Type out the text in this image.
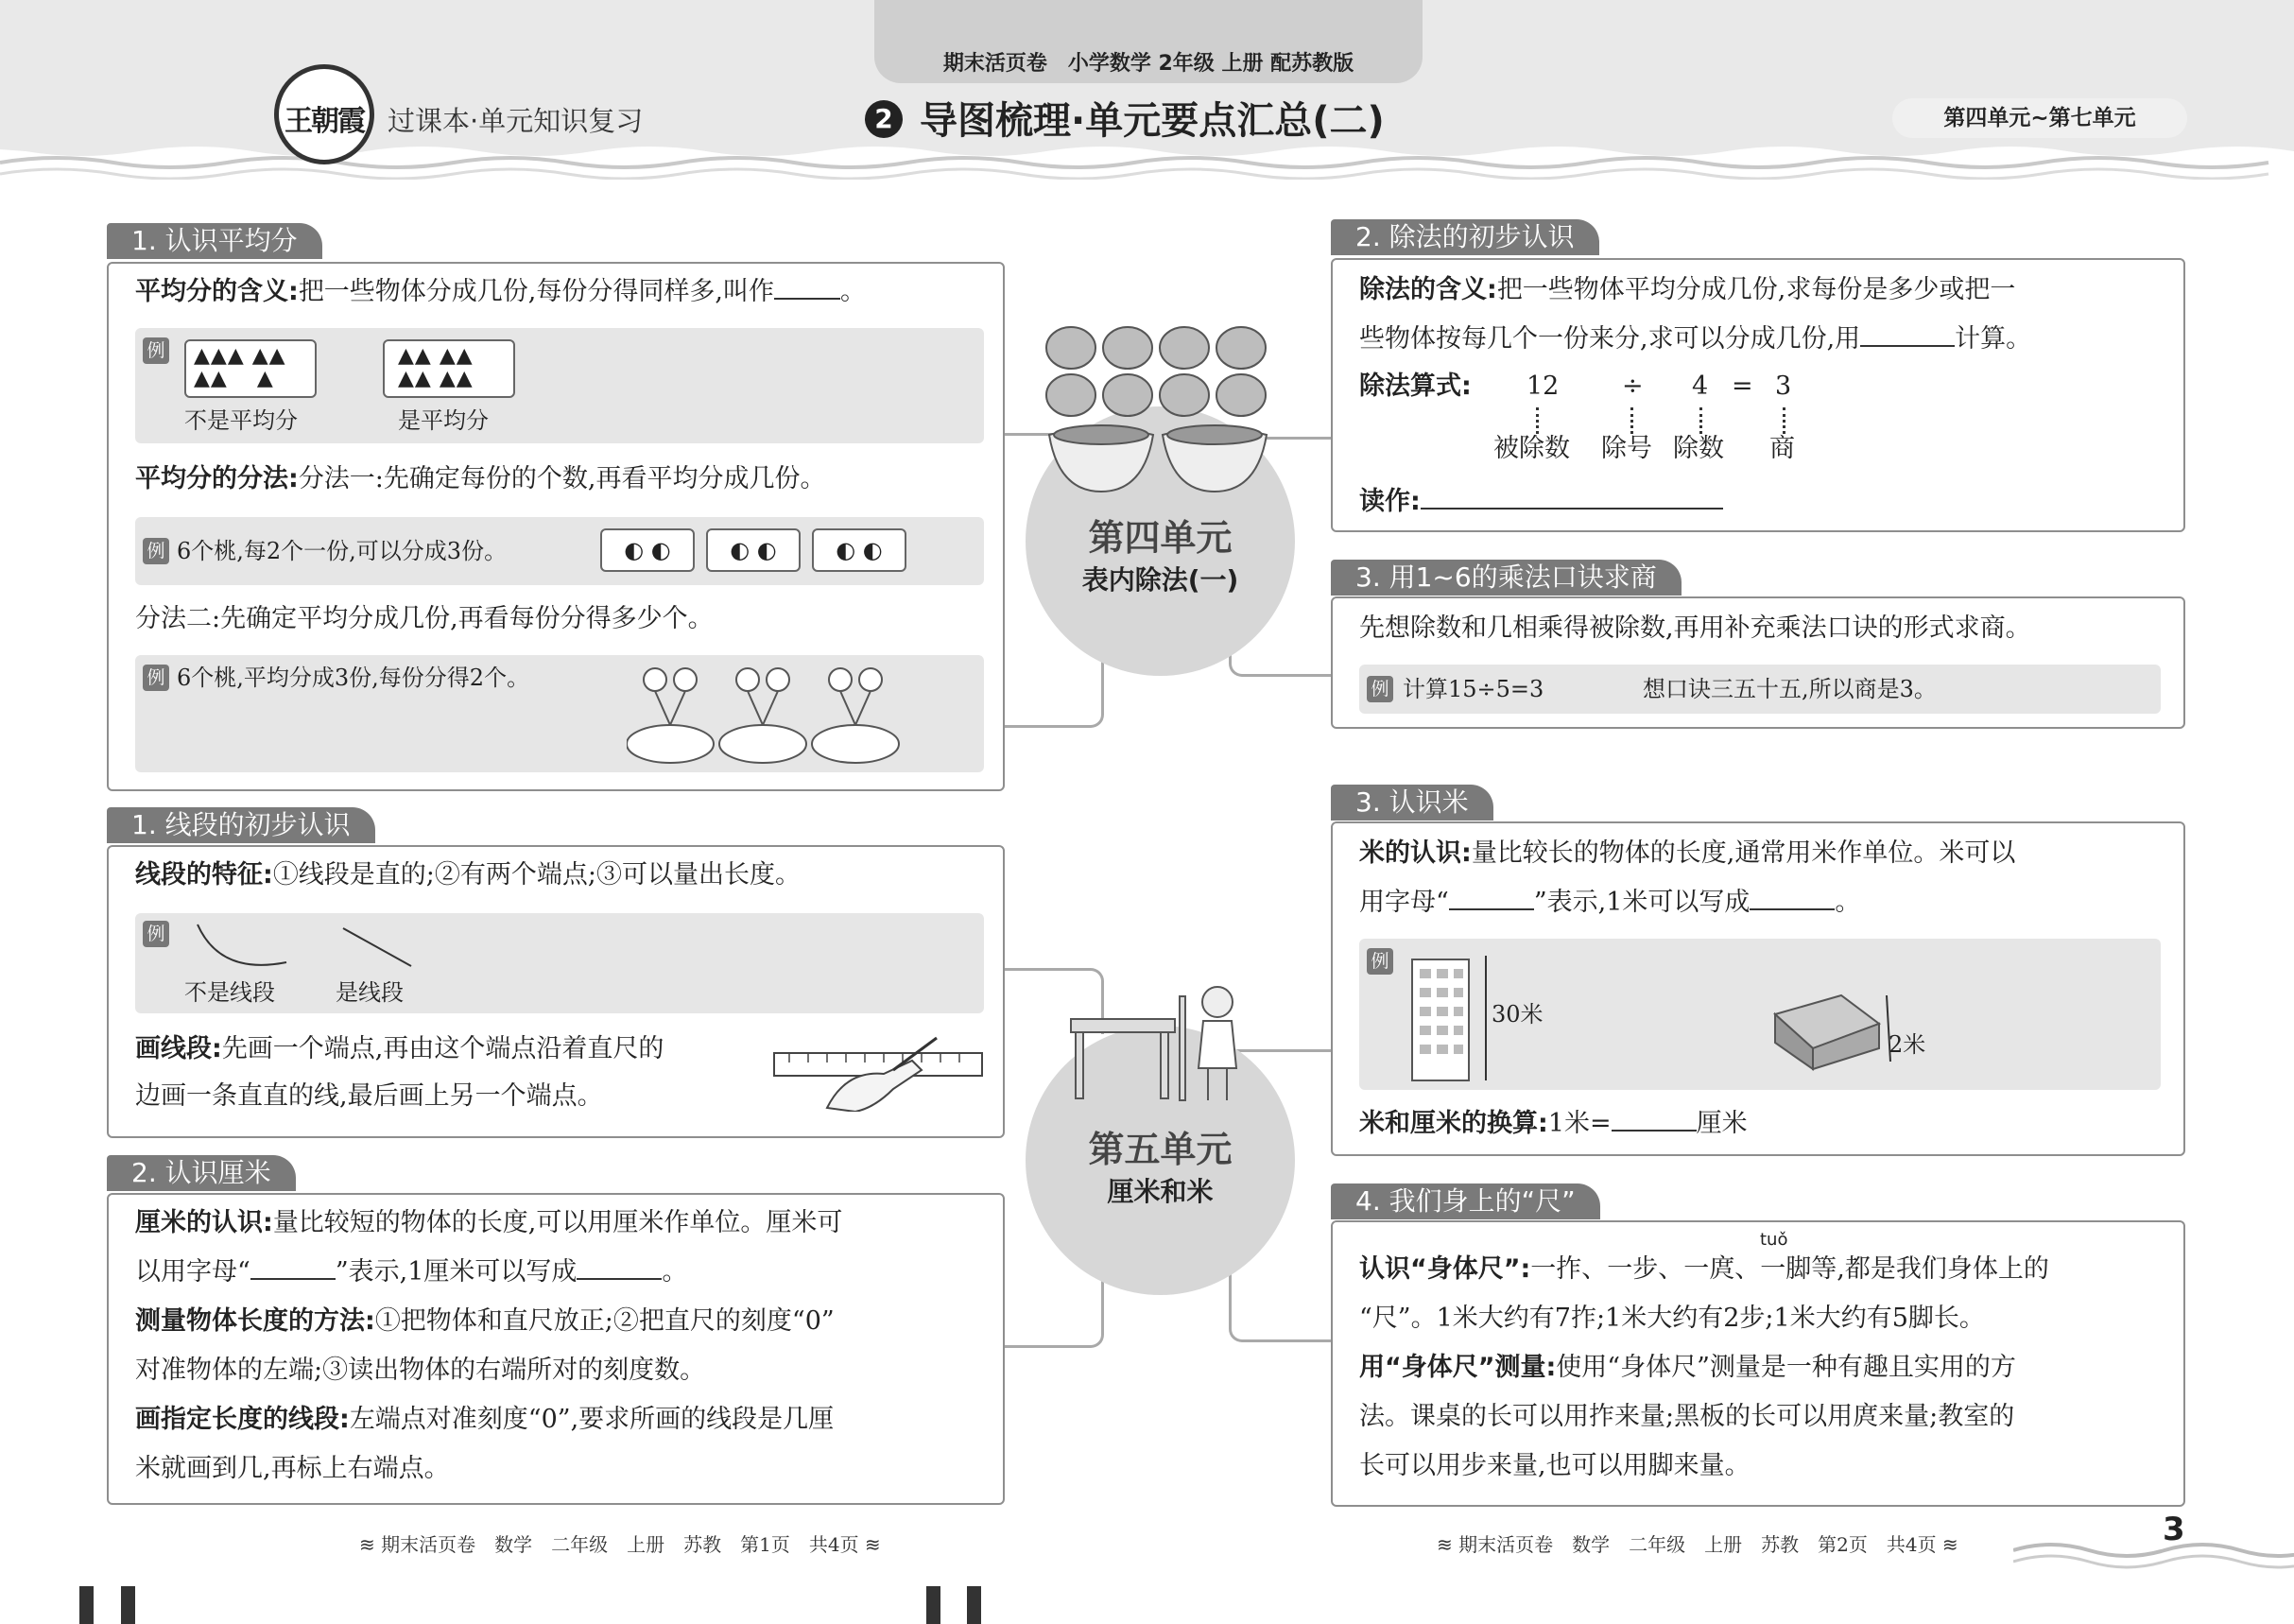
期末活页卷　小学数学 2年级 上册 配苏教版
王朝霞 过课本·单元知识复习	2 导图梳理·单元要点汇总(二)	第四单元~第七单元
第四单元
表内除法(一)
第五单元
厘米和米
1. 认识平均分
平均分的含义:把一些物体分成几份,每份分得同样多,叫作	。
例	▲▲▲ ▲▲
▲▲　 ▲
▲▲ ▲▲
▲▲ ▲▲
不是平均分	是平均分
平均分的分法:分法一:先确定每份的个数,再看平均分成几份。
例 6个桃,每2个一份,可以分成3份。	◐ ◐	◐ ◐	◐ ◐
分法二:先确定平均分成几份,再看每份分得多少个。
例 6个桃,平均分成3份,每份分得2个。
1. 线段的初步认识
线段的特征:①线段是直的;②有两个端点;③可以量出长度。
例
不是线段	是线段
画线段:先画一个端点,再由这个端点沿着直尺的
边画一条直直的线,最后画上另一个端点。
2. 认识厘米
厘米的认识:量比较短的物体的长度,可以用厘米作单位。厘米可
以用字母“	”表示,1厘米可以写成	。
测量物体长度的方法:①把物体和直尺放正;②把直尺的刻度“0”
对准物体的左端;③读出物体的右端所对的刻度数。
画指定长度的线段:左端点对准刻度“0”,要求所画的线段是几厘
米就画到几,再标上右端点。
2. 除法的初步认识
除法的含义:把一些物体平均分成几份,求每份是多少或把一
些物体按每几个一份来分,求可以分成几份,用	计算。
除法算式: 12 ÷ 4 = 3
被除数 除号 除数 商
读作:
3. 用1~6的乘法口诀求商
先想除数和几相乘得被除数,再用补充乘法口诀的形式求商。
例 计算15÷5=3	想口诀三五十五,所以商是3。
3. 认识米
米的认识:量比较长的物体的长度,通常用米作单位。米可以
用字母“	”表示,1米可以写成	。
例
30米
2米
米和厘米的换算:1米=	厘米
4. 我们身上的“尺”
tuǒ
认识“身体尺”:一拃、一步、一庹、一脚等,都是我们身体上的
“尺”。1米大约有7拃;1米大约有2步;1米大约有5脚长。
用“身体尺”测量:使用“身体尺”测量是一种有趣且实用的方
法。课桌的长可以用拃来量;黑板的长可以用庹来量;教室的
长可以用步来量,也可以用脚来量。
≋ 期末活页卷　数学　二年级　上册　苏教　第1页　共4页 ≋	≋ 期末活页卷　数学　二年级　上册　苏教　第2页　共4页 ≋	3
